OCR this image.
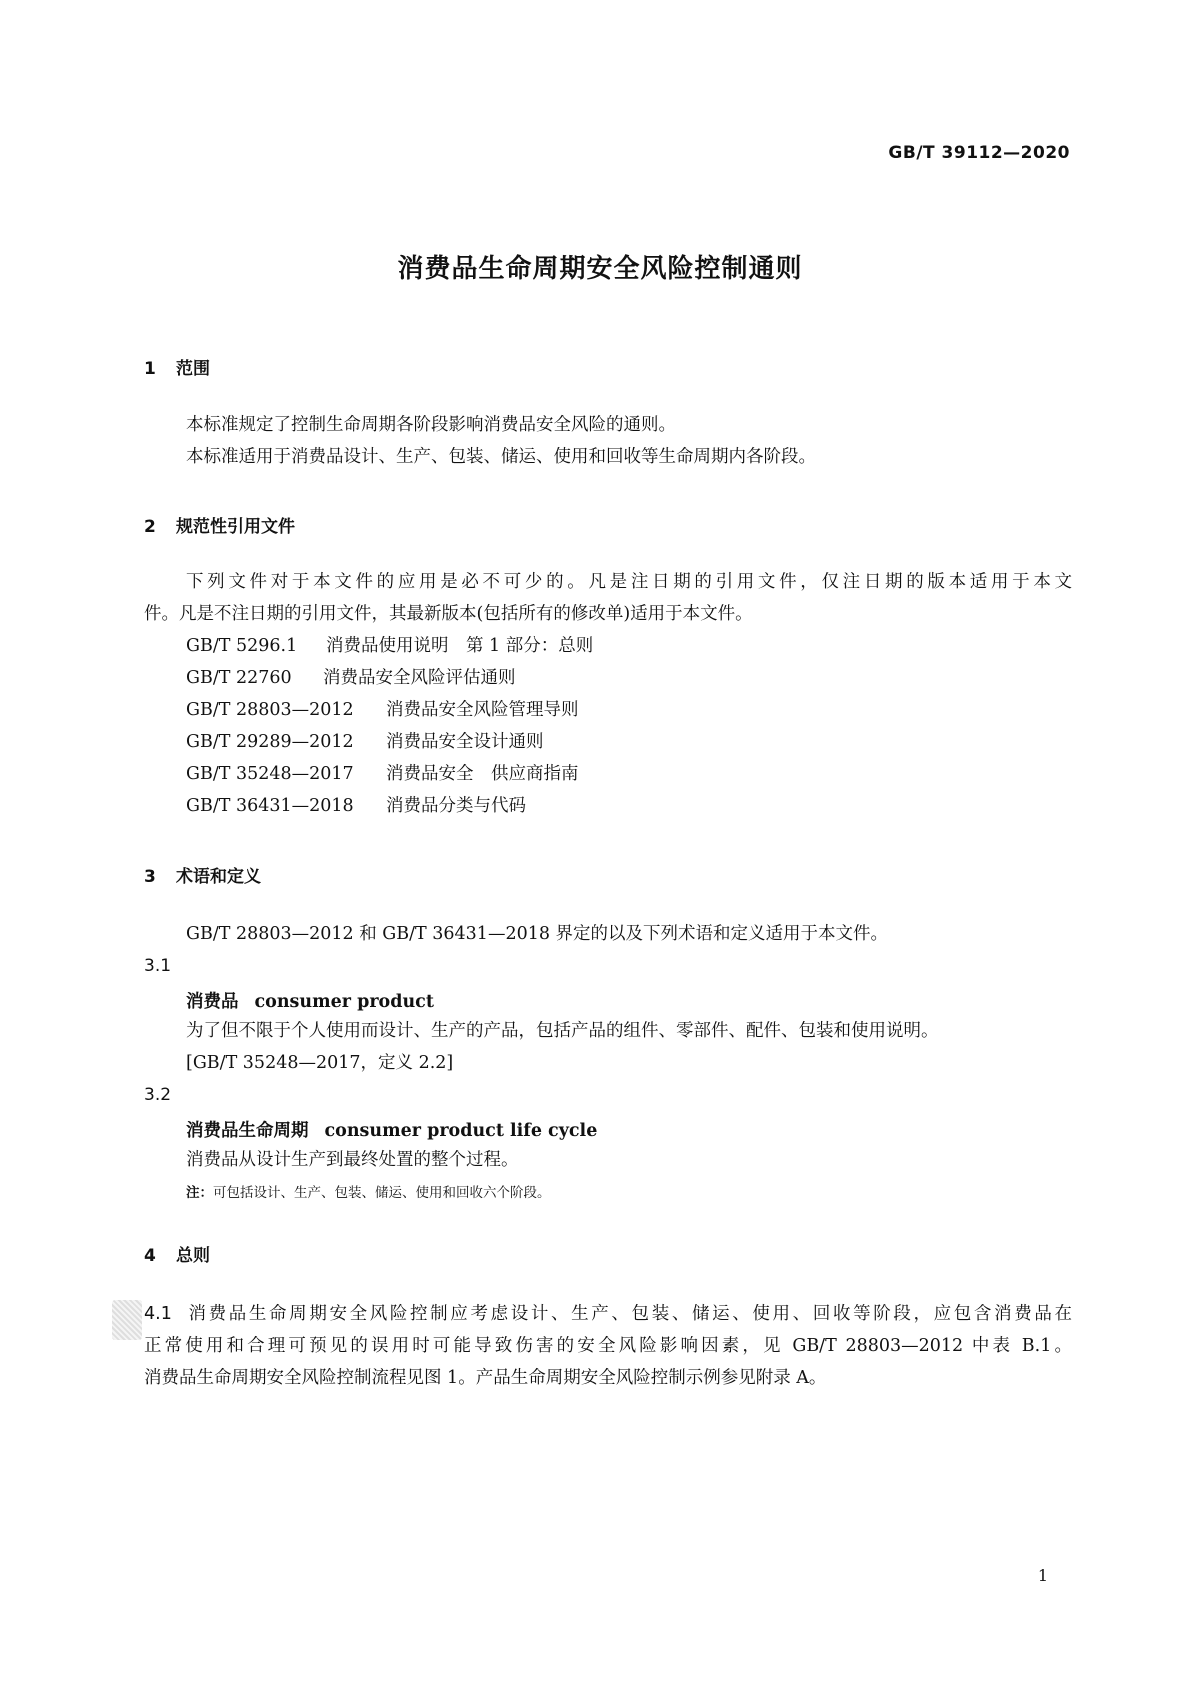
GB/T 39112—2020
消费品生命周期安全风险控制通则
1 范围
本标准规定了控制生命周期各阶段影响消费品安全风险的通则。
本标准适用于消费品设计、生产、包装、储运、使用和回收等生命周期内各阶段。
2 规范性引用文件
下列文件对于本文件的应用是必不可少的。凡是注日期的引用文件，仅注日期的版本适用于本文
件。凡是不注日期的引用文件，其最新版本(包括所有的修改单)适用于本文件。
GB/T 5296.1 消费品使用说明　第 1 部分：总则
GB/T 22760 消费品安全风险评估通则
GB/T 28803—2012 消费品安全风险管理导则
GB/T 29289—2012 消费品安全设计通则
GB/T 35248—2017 消费品安全　供应商指南
GB/T 36431—2018 消费品分类与代码
3 术语和定义
GB/T 28803—2012 和 GB/T 36431—2018 界定的以及下列术语和定义适用于本文件。
3.1
消费品 consumer product
为了但不限于个人使用而设计、生产的产品，包括产品的组件、零部件、配件、包装和使用说明。
[GB/T 35248—2017，定义 2.2]
3.2
消费品生命周期 consumer product life cycle
消费品从设计生产到最终处置的整个过程。
注：可包括设计、生产、包装、储运、使用和回收六个阶段。
4 总则
4.1 消费品生命周期安全风险控制应考虑设计、生产、包装、储运、使用、回收等阶段，应包含消费品在
正常使用和合理可预见的误用时可能导致伤害的安全风险影响因素，见 GB/T 28803—2012 中表 B.1。
消费品生命周期安全风险控制流程见图 1。产品生命周期安全风险控制示例参见附录 A。
1
